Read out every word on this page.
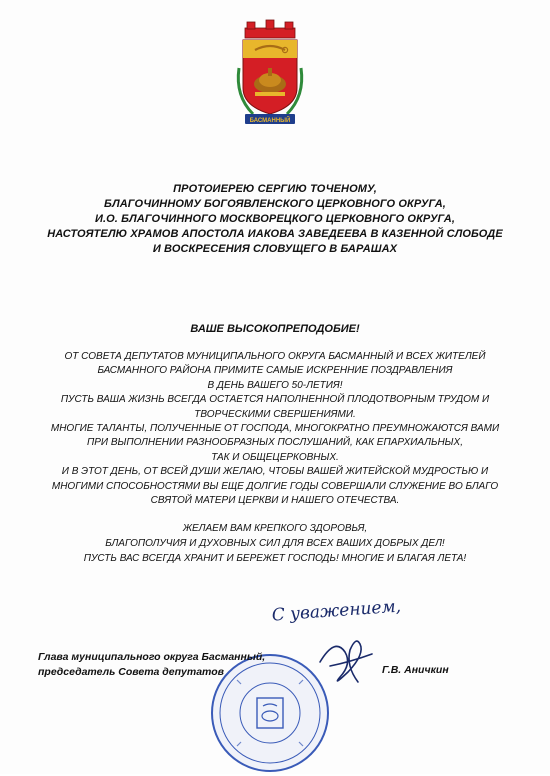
БАСМАННЫЙ
ПРОТОИЕРЕЮ СЕРГИЮ ТОЧЕНОМУ,
БЛАГОЧИННОМУ БОГОЯВЛЕНСКОГО ЦЕРКОВНОГО ОКРУГА,
И.О. БЛАГОЧИННОГО МОСКВОРЕЦКОГО ЦЕРКОВНОГО ОКРУГА,
НАСТОЯТЕЛЮ ХРАМОВ АПОСТОЛА ИАКОВА ЗАВЕДЕЕВА В КАЗЕННОЙ СЛОБОДЕ
И ВОСКРЕСЕНИЯ СЛОВУЩЕГО В БАРАШАХ
ВАШЕ ВЫСОКОПРЕПОДОБИЕ!
ОТ СОВЕТА ДЕПУТАТОВ МУНИЦИПАЛЬНОГО ОКРУГА БАСМАННЫЙ И ВСЕХ ЖИТЕЛЕЙ
БАСМАННОГО РАЙОНА ПРИМИТЕ САМЫЕ ИСКРЕННИЕ ПОЗДРАВЛЕНИЯ
В ДЕНЬ ВАШЕГО 50-ЛЕТИЯ!
ПУСТЬ ВАША ЖИЗНЬ ВСЕГДА ОСТАЕТСЯ НАПОЛНЕННОЙ ПЛОДОТВОРНЫМ ТРУДОМ И
ТВОРЧЕСКИМИ СВЕРШЕНИЯМИ.
МНОГИЕ ТАЛАНТЫ, ПОЛУЧЕННЫЕ ОТ ГОСПОДА, МНОГОКРАТНО ПРЕУМНОЖАЮТСЯ ВАМИ
ПРИ ВЫПОЛНЕНИИ РАЗНООБРАЗНЫХ ПОСЛУШАНИЙ, КАК ЕПАРХИАЛЬНЫХ,
ТАК И ОБЩЕЦЕРКОВНЫХ.
И В ЭТОТ ДЕНЬ, ОТ ВСЕЙ ДУШИ ЖЕЛАЮ, ЧТОБЫ ВАШЕЙ ЖИТЕЙСКОЙ МУДРОСТЬЮ И
МНОГИМИ СПОСОБНОСТЯМИ ВЫ ЕЩЕ ДОЛГИЕ ГОДЫ СОВЕРШАЛИ СЛУЖЕНИЕ ВО БЛАГО
СВЯТОЙ МАТЕРИ ЦЕРКВИ И НАШЕГО ОТЕЧЕСТВА.
ЖЕЛАЕМ ВАМ КРЕПКОГО ЗДОРОВЬЯ,
БЛАГОПОЛУЧИЯ И ДУХОВНЫХ СИЛ ДЛЯ ВСЕХ ВАШИХ ДОБРЫХ ДЕЛ!
ПУСТЬ ВАС ВСЕГДА ХРАНИТ И БЕРЕЖЕТ ГОСПОДЬ! МНОГИЕ И БЛАГАЯ ЛЕТА!
С уважением,
Глава муниципального округа Басманный,
председатель Совета депутатов	Г.В. Аничкин
